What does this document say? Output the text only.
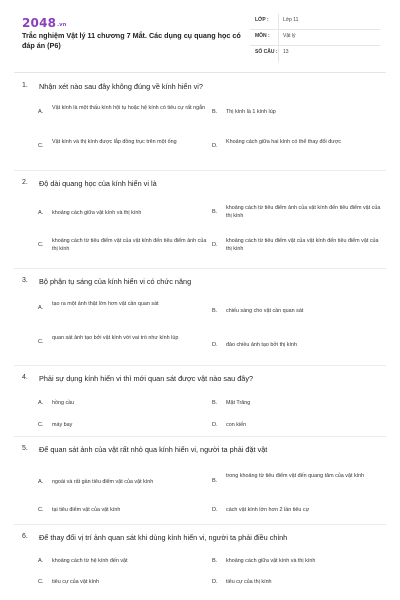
2048.vn
Trắc nghiệm Vật lý 11 chương 7 Mắt. Các dụng cụ quang học có đáp án (P6)
LỚP :	Lớp 11
MÔN :	Vật lý
SỐ CÂU : 13
1. Nhận xét nào sau đây không đúng về kính hiển vi?
A.
Vật kính là một thấu kính hội tụ hoặc hệ kính có tiêu cự rất ngắn
B. Thị kính là 1 kính lúp
C.
Vật kính và thị kính được lắp đồng trục trên một ống
D.
Khoảng cách giữa hai kính có thể thay đổi được
2. Độ dài quang học của kính hiển vi là
A. khoảng cách giữa vật kính và thị kính	B.
khoảng cách từ tiêu điểm ảnh của vật kính đến tiêu điểm vật của thị kính
C.
khoảng cách từ tiêu điểm vật của vật kính đến tiêu điểm ảnh của thị kính
D.
khoảng cách từ tiêu điểm vật của vật kính đến tiêu điểm vật của thị kính
3. Bộ phận tụ sáng của kính hiển vi có chức năng
A.
tạo ra một ảnh thật lớn hơn vật cần quan sát
B. chiếu sáng cho vật cần quan sát
C.
quan sát ảnh tạo bởi vật kính với vai trò như kính lúp
D. đảo chiều ảnh tạo bởi thị kính
4. Phải sự dụng kính hiển vi thì mới quan sát được vật nào sau đây?
A. hồng cầu	B. Mặt Trăng
C. máy bay	D. con kiến
5. Để quan sát ảnh của vật rất nhỏ qua kính hiển vi, người ta phải đặt vật
A. ngoài và rất gần tiêu điểm vật của vật kính	B.
trong khoảng từ tiêu điểm vật đến quang tâm của vật kính
C. tại tiêu điểm vật của vật kính	D. cách vật kính lớn hơn 2 lần tiêu cự
6. Để thay đổi vị trí ảnh quan sát khi dùng kính hiển vi, người ta phải điều chỉnh
A. khoảng cách từ hệ kính đến vật	B. khoảng cách giữa vật kính và thị kính
C. tiêu cự của vật kính	D. tiêu cự của thị kính
